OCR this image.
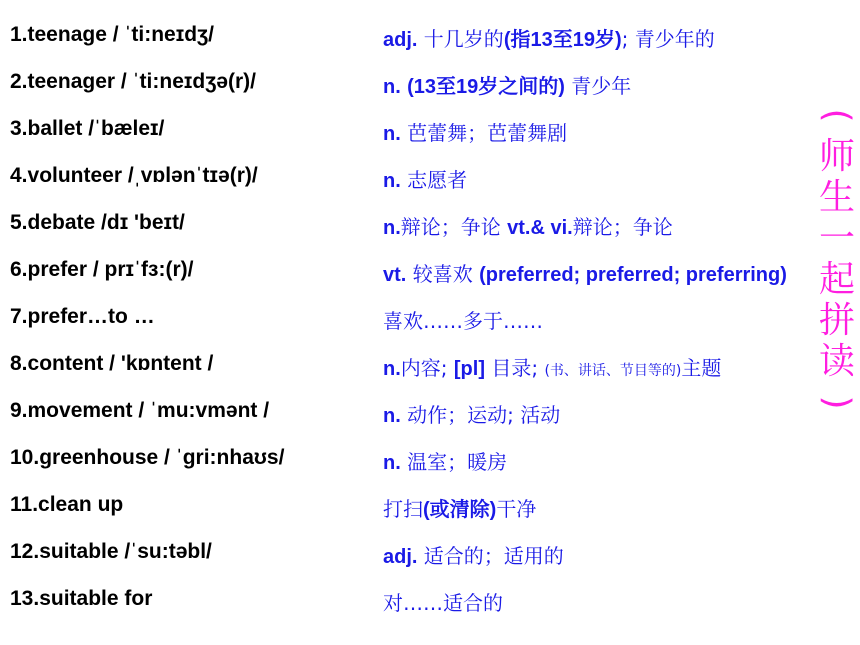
1.teenage / ˈti:neɪdʒ/	adj. 十几岁的(指13至19岁); 青少年的
2.teenager / ˈti:neɪdʒə(r)/	n. (13至19岁之间的) 青少年
3.ballet /ˈbæleɪ/	n. 芭蕾舞；芭蕾舞剧
4.volunteer /ˌvɒlənˈtɪə(r)/	n. 志愿者
5.debate /dɪ 'beɪt/	n.辩论；争论 vt.& vi.辩论；争论
6.prefer / prɪˈfɜ:(r)/	vt. 较喜欢 (preferred; preferred; preferring)
7.prefer…to …	喜欢……多于……
8.content / 'kɒntent /	n.内容; [pl] 目录; (书、讲话、节目等的)主题
9.movement / ˈmu:vmənt /	n. 动作；运动; 活动
10.greenhouse / ˈgri:nhaʊs/	n. 温室；暖房
11.clean up	打扫(或清除)干净
12.suitable /ˈsu:təbl/	adj. 适合的；适用的
13.suitable for	对……适合的
(
师
生
一
起
拼
读
)
